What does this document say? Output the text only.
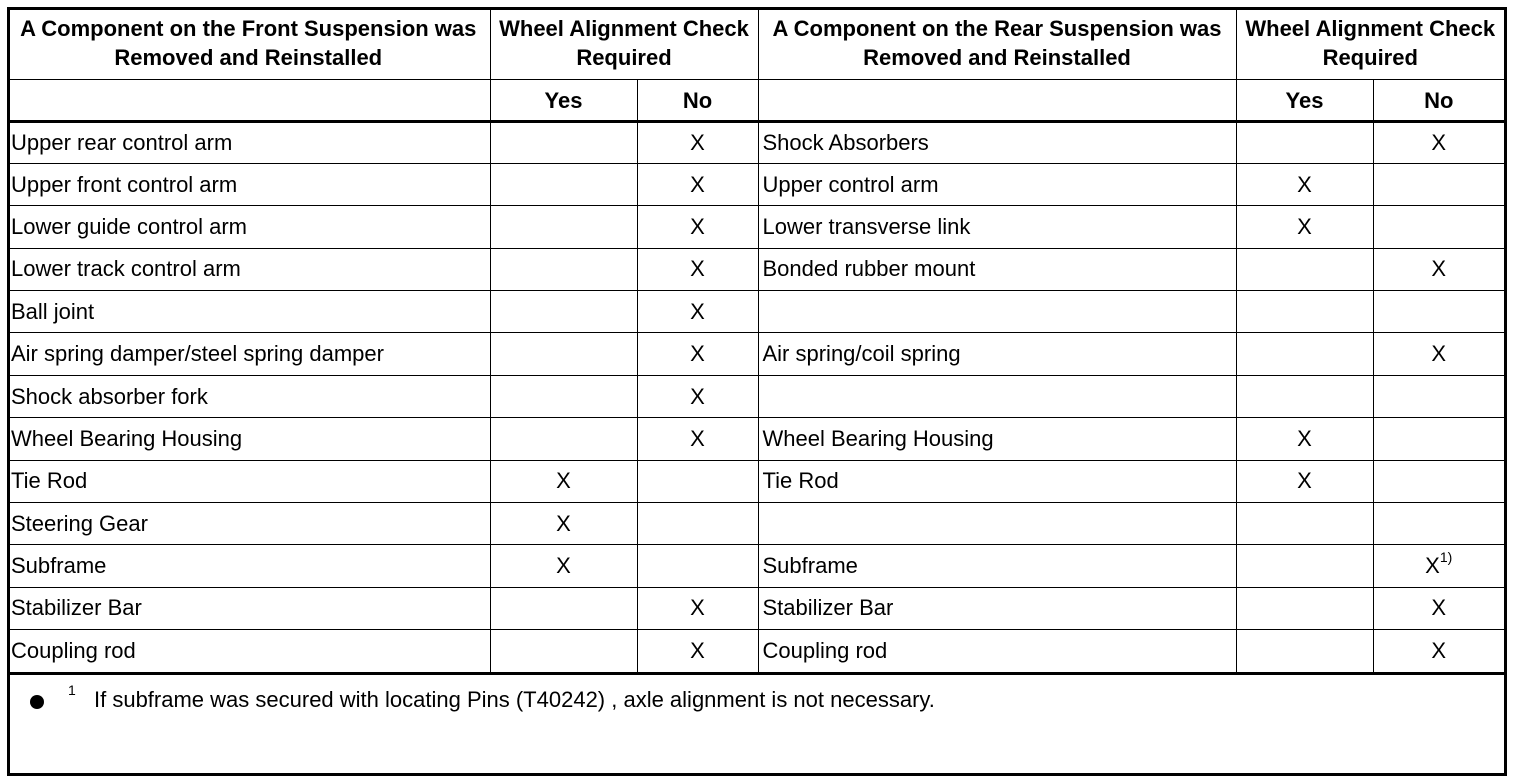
A Component on the Front Suspension was Removed and Reinstalled	Wheel Alignment Check Required		A Component on the Rear Suspension was Removed and Reinstalled	Wheel Alignment Check Required	
	Yes	No		Yes	No
Upper rear control arm		X	Shock Absorbers		X
Upper front control arm		X	Upper control arm	X	
Lower guide control arm		X	Lower transverse link	X	
Lower track control arm		X	Bonded rubber mount		X
Ball joint		X			
Air spring damper/steel spring damper		X	Air spring/coil spring		X
Shock absorber fork		X			
Wheel Bearing Housing		X	Wheel Bearing Housing	X	
Tie Rod	X		Tie Rod	X	
Steering Gear	X				
Subframe	X		Subframe		$X^{1)}$
Stabilizer Bar		X	Stabilizer Bar		X
Coupling rod		X	Coupling rod		X
1 If subframe was secured with locating Pins (T40242) , axle alignment is not necessary.
